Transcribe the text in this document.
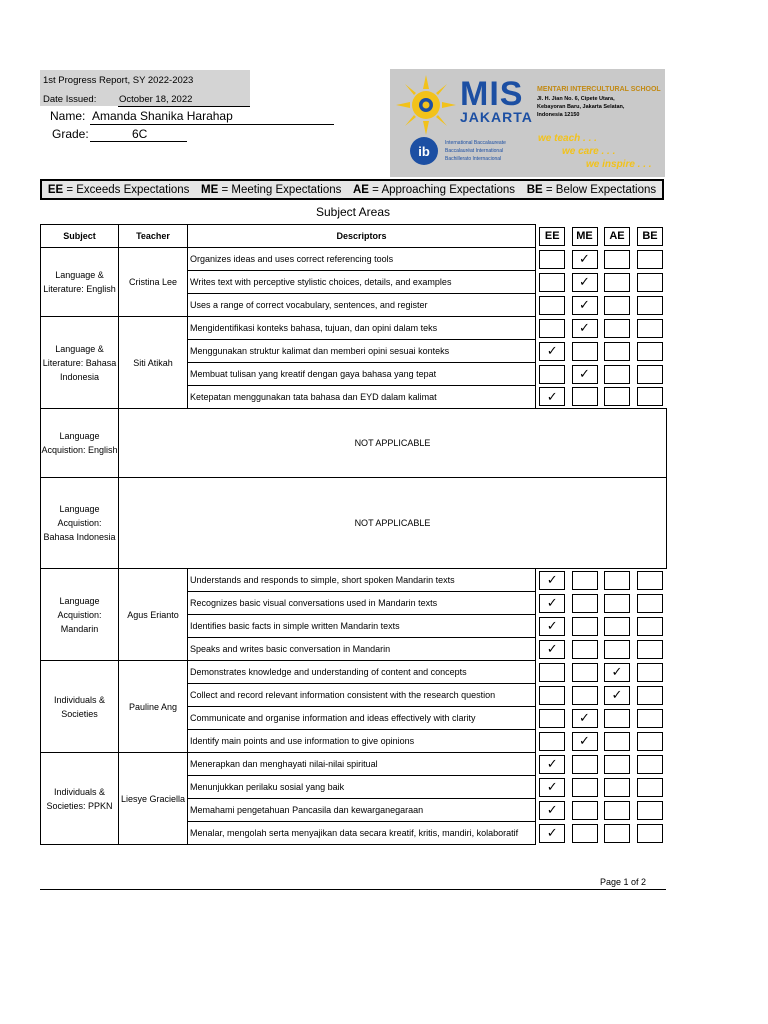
1st Progress Report, SY 2022-2023
Date Issued: October 18, 2022
Name: Amanda Shanika Harahap
Grade:	6C
MIS
JAKARTA
MENTARI INTERCULTURAL SCHOOL
Jl. H. Jian No. 6, Cipete Utara,
Kebayoran Baru, Jakarta Selatan,
Indonesia 12150
ib
International Baccalaureate
Baccalauréat International
Bachillerato Internacional
we teach . . .
we care . . .
we inspire . . .
EE = Exceeds Expectations ME = Meeting Expectations AE = Approaching Expectations BE = Below Expectations
Subject Areas
Subject	Teacher	Descriptors	EE	ME	AE	BE

Language & Literature: English	Cristina Lee	Organizes ideas and uses correct referencing tools		✓		

		Writes text with perceptive stylistic choices, details, and examples		✓		

		Uses a range of correct vocabulary, sentences, and register		✓		

Language & Literature: Bahasa Indonesia	Siti Atikah	Mengidentifikasi konteks bahasa, tujuan, dan opini dalam teks		✓		

		Menggunakan struktur kalimat dan memberi opini sesuai konteks	✓			

		Membuat tulisan yang kreatif dengan gaya bahasa yang tepat		✓		

		Ketepatan menggunakan tata bahasa dan EYD dalam kalimat	✓			

Language Acquistion: English	NOT APPLICABLE					
Language Acquistion: Bahasa Indonesia	NOT APPLICABLE					
Language Acquistion: Mandarin	Agus Erianto	Understands and responds to simple, short spoken Mandarin texts	✓			

		Recognizes basic visual conversations used in Mandarin texts	✓			

		Identifies basic facts in simple written Mandarin texts	✓			

		Speaks and writes basic conversation in Mandarin	✓			

Individuals & Societies	Pauline Ang	Demonstrates knowledge and understanding of content and concepts			✓	

		Collect and record relevant information consistent with the research question			✓	

		Communicate and organise information and ideas effectively with clarity		✓		

		Identify main points and use information to give opinions		✓		

Individuals & Societies: PPKN	Liesye Graciella	Menerapkan dan menghayati nilai-nilai spiritual	✓			

		Menunjukkan perilaku sosial yang baik	✓			

		Memahami pengetahuan Pancasila dan kewarganegaraan	✓			

		Menalar, mengolah serta menyajikan data secara kreatif, kritis, mandiri, kolaboratif	✓			

Page 1 of 2
